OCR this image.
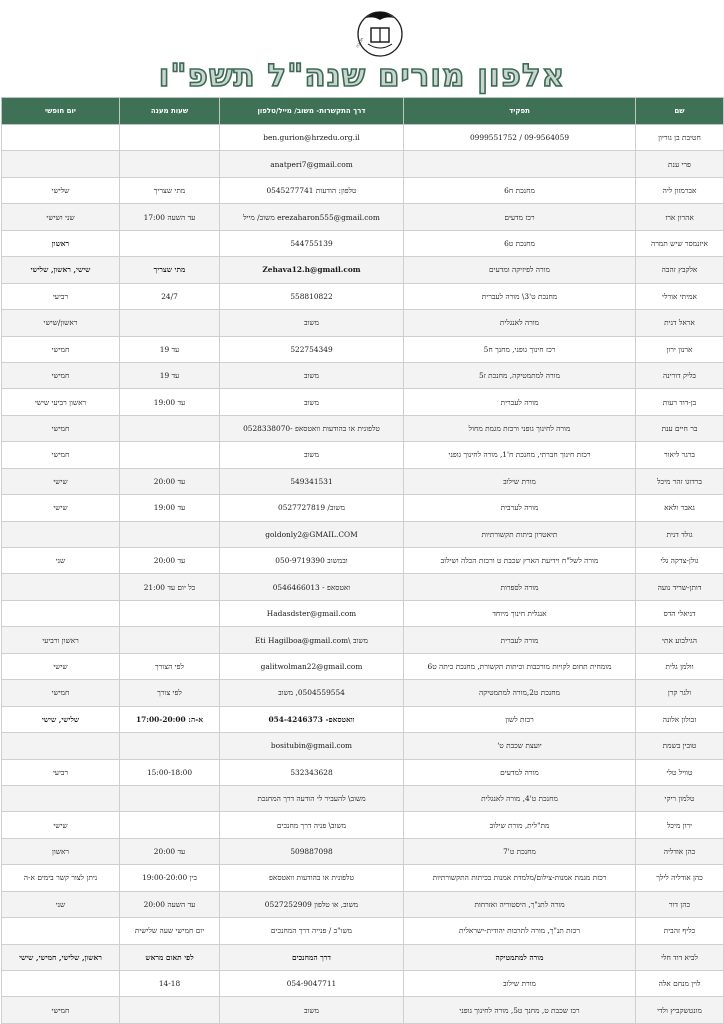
חטיבה
אלפון מורים שנה"ל תשפ"ו
שם	תפקיד	דרך התקשרות- משוב/ מייל/טלפון	שעות מענה	יום חופשי
חטיבת בן גוריון	09-9564059 / 0999551752	ben.gurion@hrzedu.org.il		
פרי ענת		anatperi7@gmail.com		
אברמזון ליה	מחנכת ח6	טלפון: הודעות 0545277741	מתי שצריך	שלישי
אהרון ארז	רכז מדעים	erezaharon555@gmail.com משוב/ מייל	עד השעה 17:00	שני ושישי
איזנמסר שיש תמרה	מחנכת ט6	544755139		ראשון
אלקבץ זהבה	מורה לפיזיקה ומדעים	Zehava12.h@gmail.com	מתי שצריך	שישי, ראשון, שלישי
אמיתי אורלי	מחנכת ט'3\ מורה לעברית	558810822	24/7	רביעי
אראל דנית	מורה לאנגלית	משוב		ראשון/שישי
ארנון ירון	רכז חינוך גופני, מחנך ח5	522754349	עד 19	חמישי
בליק דורינה	מורה למתמטיקה, מחנכת ז5	משוב	עד 19	חמישי
בן-דוד רעות	מורה לעברית	משוב	עד 19:00	ראשון רביעי שישי
בר חיים ענת	מורה לחינוך גופני ורכזת מגמת מחול	טלפונית או בהודעות וואטסאפ -0528338070		חמישי
ברגר ליאור	רכזת חינוך חברתי, מחנכת ח'1, מורה לחינוך גופני	משוב		חמישי
ברדוגו זהר מיכל	מורת שילוב	549341531	עד 20:00	שישי
גאבר ולאא	מורה לערבית	משוב/ 0527727819	עד 19:00	שישי
גולד דנית	תיאטרון ביתות תקשורתיות	goldonly2@GMAIL.COM		
גולן-צדקה גלי	מורה לשל"ח וידיעת הארץ שכבת ט ורכזת הכלה ושילוב	ובמשוב 050-9719390	עד 20:00	שני
דותן-שריד נועה	מורה לספרות	ואטסאפ - 0546466013	כל יום עד 21:00	
דניאלי הדס	אנגלית חינוך מיוחד	Hadasdster@gmail.com		
הגילבוע אתי	מורה לעברית	משוב \Eti Hagilboa@gmail.com		ראשון ורביעי
וולמן גלית	מומחית תחום לקויות מורכבות וכיתות תקשורת, מחנכת כיתה ט6	galitwolman22@gmail.com	לפי הצורך	שישי
ולגר קרן	מחנכת ט2,מורה למתמטיקה	0504559554, משוב	לפי צורך	חמישי
זבולון אלונה	רכזת לשון	וואטסאפ- 054-4246373	א-ה: 17:00-20:00	שלישי, שישי
טובין בשמת	יועצת שכבת ט'	bositubin@gmail.com		
טוויל טלי	מורה למדעים	532343628	15:00-18:00	רביעי
טלמון ריקי	מחנכת ט'4, מורה לאנגלית	משוב\ להעביר לי הודעה דרך המחנכת		
ירון מיכל	מת"לית, מורת שילוב	משוב\ פניה דרך מחנכים		שישי
כהן אודליה	מחנכת ט'7	509887098	עד 20:00	ראשון
כהן אודליה לילך	רכזת מגמת אמנות-צילום/מלמדת אמנות בכיתות התקשורתיות	טלפונית או בהודעות וואטסאפ	בין 19:00-20:00	ניתן לצור קשר בימים א-ה
כהן דור	מורה לתנ"ך, היסטוריה ואזרחות	משוב, או טלפון 0527252909	עד השעה 20:00	שני
כליף זהבית	רכזת תנ"ך, מורה לתרבות יהודית-ישראלית	משו"ב / פנייה דרך המחנכים	יום חמישי שעה שלישית	
לביא דוד חלי	מורה למתמטיקה	דרך המחנכים	לפי תאום מראש	ראשון, שלישי, חמישי, שישי
לוין מנחם אלה	מורת שילוב	054-9047711	14-18	
מונטשקביץ ולדי	רכז שכבת ט, מחנך ט5, מורה לחינוך גופני	משוב		חמישי
